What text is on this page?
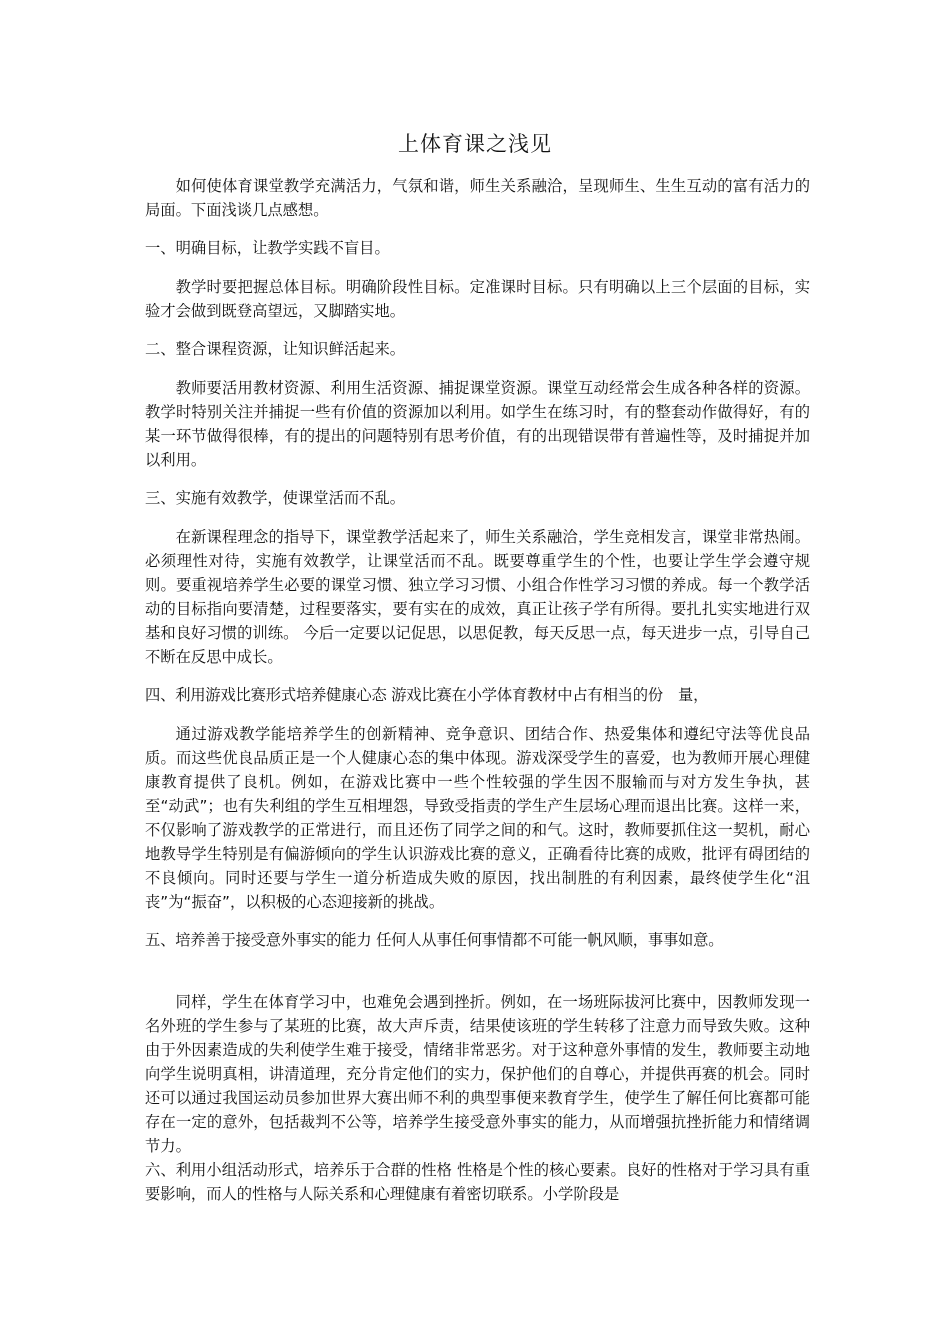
上体育课之浅见

如何使体育课堂教学充满活力，气氛和谐，师生关系融洽，呈现师生、生生互动的富有活力的局面。下面浅谈几点感想。

一、明确目标，让教学实践不盲目。

教学时要把握总体目标。明确阶段性目标。定准课时目标。只有明确以上三个层面的目标，实验才会做到既登高望远，又脚踏实地。

二、整合课程资源，让知识鲜活起来。

教师要活用教材资源、利用生活资源、捕捉课堂资源。课堂互动经常会生成各种各样的资源。教学时特别关注并捕捉一些有价值的资源加以利用。如学生在练习时，有的整套动作做得好，有的某一环节做得很棒，有的提出的问题特别有思考价值，有的出现错误带有普遍性等，及时捕捉并加以利用。

三、实施有效教学，使课堂活而不乱。

在新课程理念的指导下，课堂教学活起来了，师生关系融洽，学生竞相发言，课堂非常热闹。必须理性对待，实施有效教学，让课堂活而不乱。既要尊重学生的个性，也要让学生学会遵守规则。要重视培养学生必要的课堂习惯、独立学习习惯、小组合作性学习习惯的养成。每一个教学活动的目标指向要清楚，过程要落实，要有实在的成效，真正让孩子学有所得。要扎扎实实地进行双基和良好习惯的训练。 今后一定要以记促思，以思促教，每天反思一点，每天进步一点，引导自己不断在反思中成长。

四、利用游戏比赛形式培养健康心态 游戏比赛在小学体育教材中占有相当的份　量，

通过游戏教学能培养学生的创新精神、竞争意识、团结合作、热爱集体和遵纪守法等优良品质。而这些优良品质正是一个人健康心态的集中体现。游戏深受学生的喜爱，也为教师开展心理健康教育提供了良机。例如，在游戏比赛中一些个性较强的学生因不服输而与对方发生争执，甚至“动武”；也有失利组的学生互相埋怨，导致受指责的学生产生层场心理而退出比赛。这样一来，不仅影响了游戏教学的正常进行，而且还伤了同学之间的和气。这时，教师要抓住这一契机，耐心地教导学生特别是有偏游倾向的学生认识游戏比赛的意义，正确看待比赛的成败，批评有碍团结的不良倾向。同时还要与学生一道分析造成失败的原因，找出制胜的有利因素，最终使学生化“沮丧”为“振奋”，以积极的心态迎接新的挑战。

五、培养善于接受意外事实的能力 任何人从事任何事情都不可能一帆风顺，事事如意。

同样，学生在体育学习中，也难免会遇到挫折。例如，在一场班际拔河比赛中，因教师发现一名外班的学生参与了某班的比赛，故大声斥责，结果使该班的学生转移了注意力而导致失败。这种由于外因素造成的失利使学生难于接受，情绪非常恶劣。对于这种意外事情的发生，教师要主动地向学生说明真相，讲清道理，充分肯定他们的实力，保护他们的自尊心，并提供再赛的机会。同时还可以通过我国运动员参加世界大赛出师不利的典型事便来教育学生，使学生了解任何比赛都可能存在一定的意外，包括裁判不公等，培养学生接受意外事实的能力，从而增强抗挫折能力和情绪调节力。

六、利用小组活动形式，培养乐于合群的性格 性格是个性的核心要素。良好的性格对于学习具有重要影响，而人的性格与人际关系和心理健康有着密切联系。小学阶段是
